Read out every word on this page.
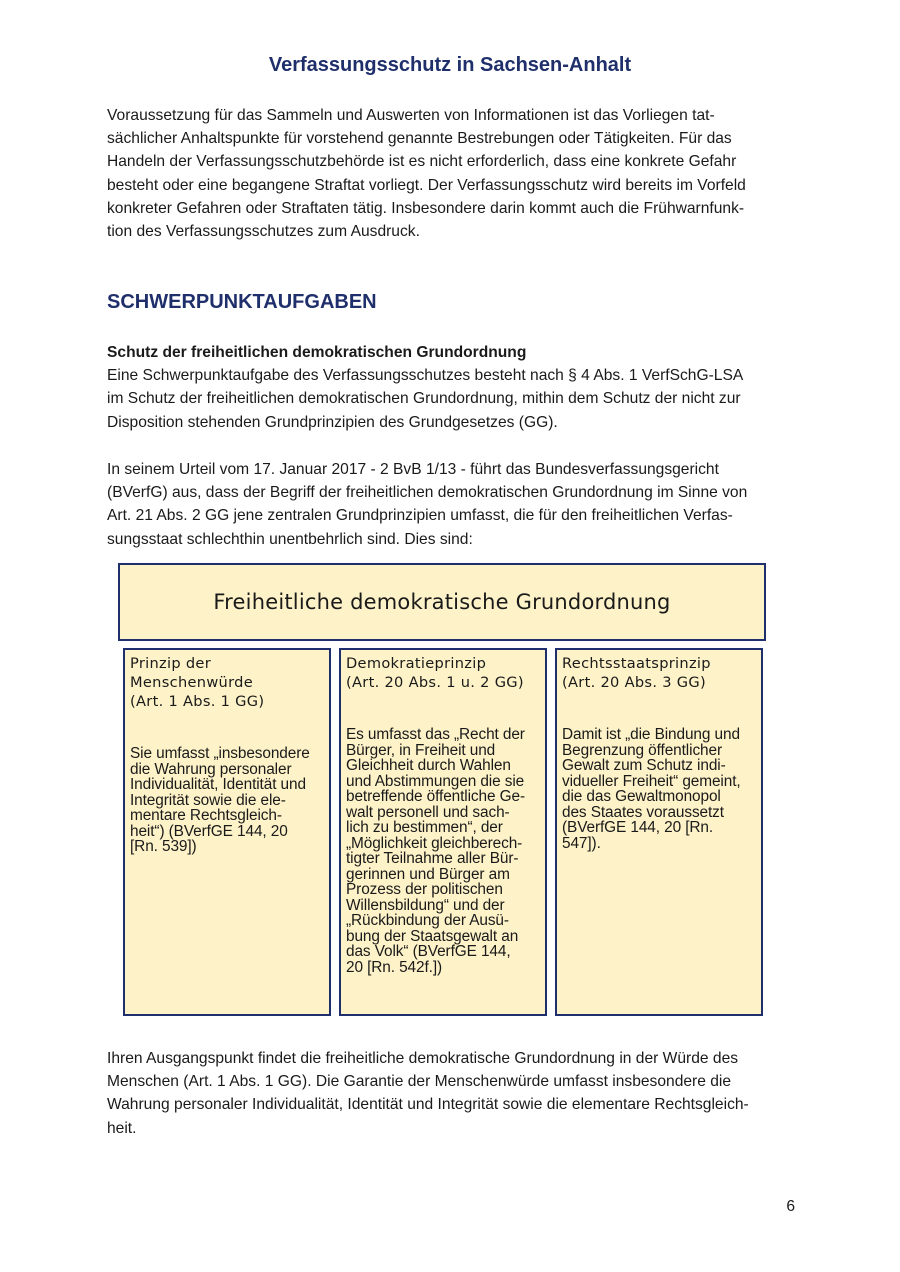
Verfassungsschutz in Sachsen-Anhalt
Voraussetzung für das Sammeln und Auswerten von Informationen ist das Vorliegen tat-
sächlicher Anhaltspunkte für vorstehend genannte Bestrebungen oder Tätigkeiten. Für das
Handeln der Verfassungsschutzbehörde ist es nicht erforderlich, dass eine konkrete Gefahr
besteht oder eine begangene Straftat vorliegt. Der Verfassungsschutz wird bereits im Vorfeld
konkreter Gefahren oder Straftaten tätig. Insbesondere darin kommt auch die Frühwarnfunk-
tion des Verfassungsschutzes zum Ausdruck.
SCHWERPUNKTAUFGABEN
Schutz der freiheitlichen demokratischen Grundordnung
Eine Schwerpunktaufgabe des Verfassungsschutzes besteht nach § 4 Abs. 1 VerfSchG-LSA
im Schutz der freiheitlichen demokratischen Grundordnung, mithin dem Schutz der nicht zur
Disposition stehenden Grundprinzipien des Grundgesetzes (GG).
In seinem Urteil vom 17. Januar 2017 - 2 BvB 1/13 - führt das Bundesverfassungsgericht
(BVerfG) aus, dass der Begriff der freiheitlichen demokratischen Grundordnung im Sinne von
Art. 21 Abs. 2 GG jene zentralen Grundprinzipien umfasst, die für den freiheitlichen Verfas-
sungsstaat schlechthin unentbehrlich sind. Dies sind:
Freiheitliche demokratische Grundordnung
Prinzip der
Menschenwürde
(Art. 1 Abs. 1 GG)
Sie umfasst „insbesondere
die Wahrung personaler
Individualität, Identität und
Integrität sowie die ele-
mentare Rechtsgleich-
heit“) (BVerfGE 144, 20
[Rn. 539])
Demokratieprinzip
(Art. 20 Abs. 1 u. 2 GG)
Es umfasst das „Recht der
Bürger, in Freiheit und
Gleichheit durch Wahlen
und Abstimmungen die sie
betreffende öffentliche Ge-
walt personell und sach-
lich zu bestimmen“, der
„Möglichkeit gleichberech-
tigter Teilnahme aller Bür-
gerinnen und Bürger am
Prozess der politischen
Willensbildung“ und der
„Rückbindung der Ausü-
bung der Staatsgewalt an
das Volk“ (BVerfGE 144,
20 [Rn. 542f.])
Rechtsstaatsprinzip
(Art. 20 Abs. 3 GG)
Damit ist „die Bindung und
Begrenzung öffentlicher
Gewalt zum Schutz indi-
vidueller Freiheit“ gemeint,
die das Gewaltmonopol
des Staates voraussetzt
(BVerfGE 144, 20 [Rn.
547]).
Ihren Ausgangspunkt findet die freiheitliche demokratische Grundordnung in der Würde des
Menschen (Art. 1 Abs. 1 GG). Die Garantie der Menschenwürde umfasst insbesondere die
Wahrung personaler Individualität, Identität und Integrität sowie die elementare Rechtsgleich-
heit.
6
